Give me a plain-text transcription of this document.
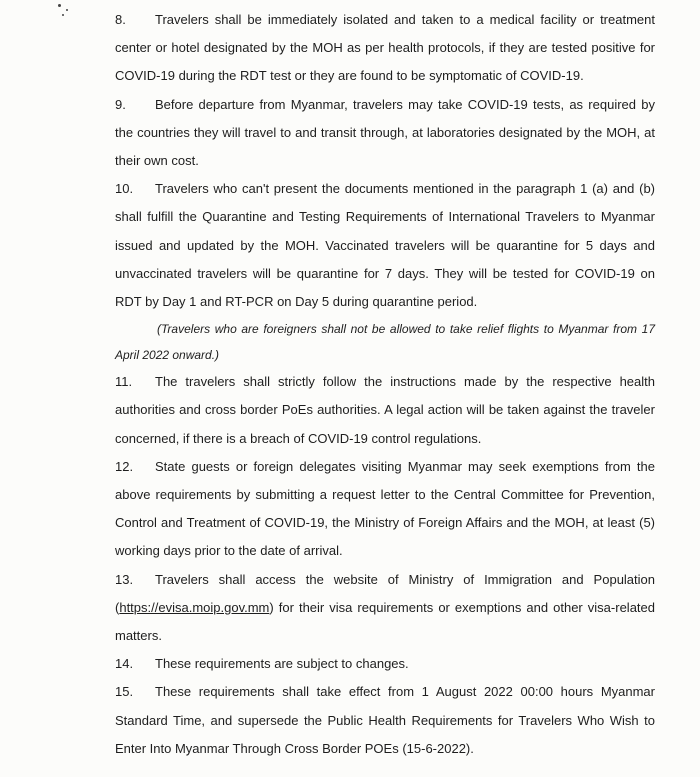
8. Travelers shall be immediately isolated and taken to a medical facility or treatment center or hotel designated by the MOH as per health protocols, if they are tested positive for COVID-19 during the RDT test or they are found to be symptomatic of COVID-19.

9. Before departure from Myanmar, travelers may take COVID-19 tests, as required by the countries they will travel to and transit through, at laboratories designated by the MOH, at their own cost.

10. Travelers who can't present the documents mentioned in the paragraph 1 (a) and (b) shall fulfill the Quarantine and Testing Requirements of International Travelers to Myanmar issued and updated by the MOH. Vaccinated travelers will be quarantine for 5 days and unvaccinated travelers will be quarantine for 7 days. They will be tested for COVID-19 on RDT by Day 1 and RT-PCR on Day 5 during quarantine period.

(Travelers who are foreigners shall not be allowed to take relief flights to Myanmar from 17 April 2022 onward.)

11. The travelers shall strictly follow the instructions made by the respective health authorities and cross border PoEs authorities. A legal action will be taken against the traveler concerned, if there is a breach of COVID-19 control regulations.

12. State guests or foreign delegates visiting Myanmar may seek exemptions from the above requirements by submitting a request letter to the Central Committee for Prevention, Control and Treatment of COVID-19, the Ministry of Foreign Affairs and the MOH, at least (5) working days prior to the date of arrival.

13. Travelers shall access the website of Ministry of Immigration and Population (https://evisa.moip.gov.mm) for their visa requirements or exemptions and other visa-related matters.

14. These requirements are subject to changes.

15. These requirements shall take effect from 1 August 2022 00:00 hours Myanmar Standard Time, and supersede the Public Health Requirements for Travelers Who Wish to Enter Into Myanmar Through Cross Border POEs (15-6-2022).
